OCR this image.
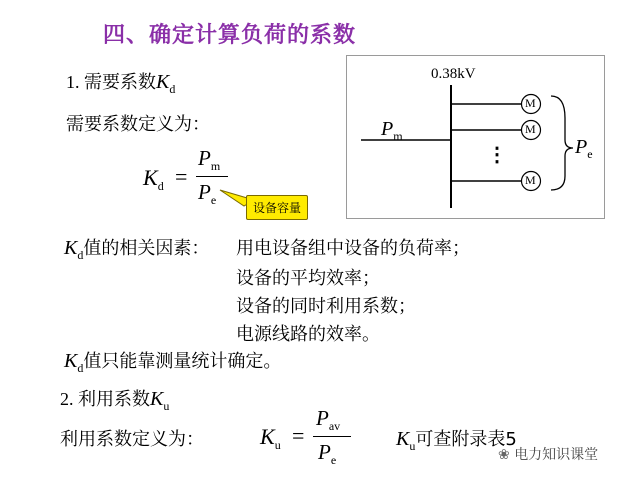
四、确定计算负荷的系数
1. 需要系数$K_d$
需要系数定义为：
$K_d$ =
$P_m$
$P_e$
设备容量
0.38kV
$P_m$
M
M
M
⋮	$P_e$
$K_d$值的相关因素： 用电设备组中设备的负荷率；
设备的平均效率；
设备的同时利用系数；
电源线路的效率。
$K_d$值只能靠测量统计确定。
2. 利用系数$K_u$
利用系数定义为：	$K_u$ =
$P_{av}$
$P_e$
$K_u$可查附录表5
❀ 电力知识课堂
